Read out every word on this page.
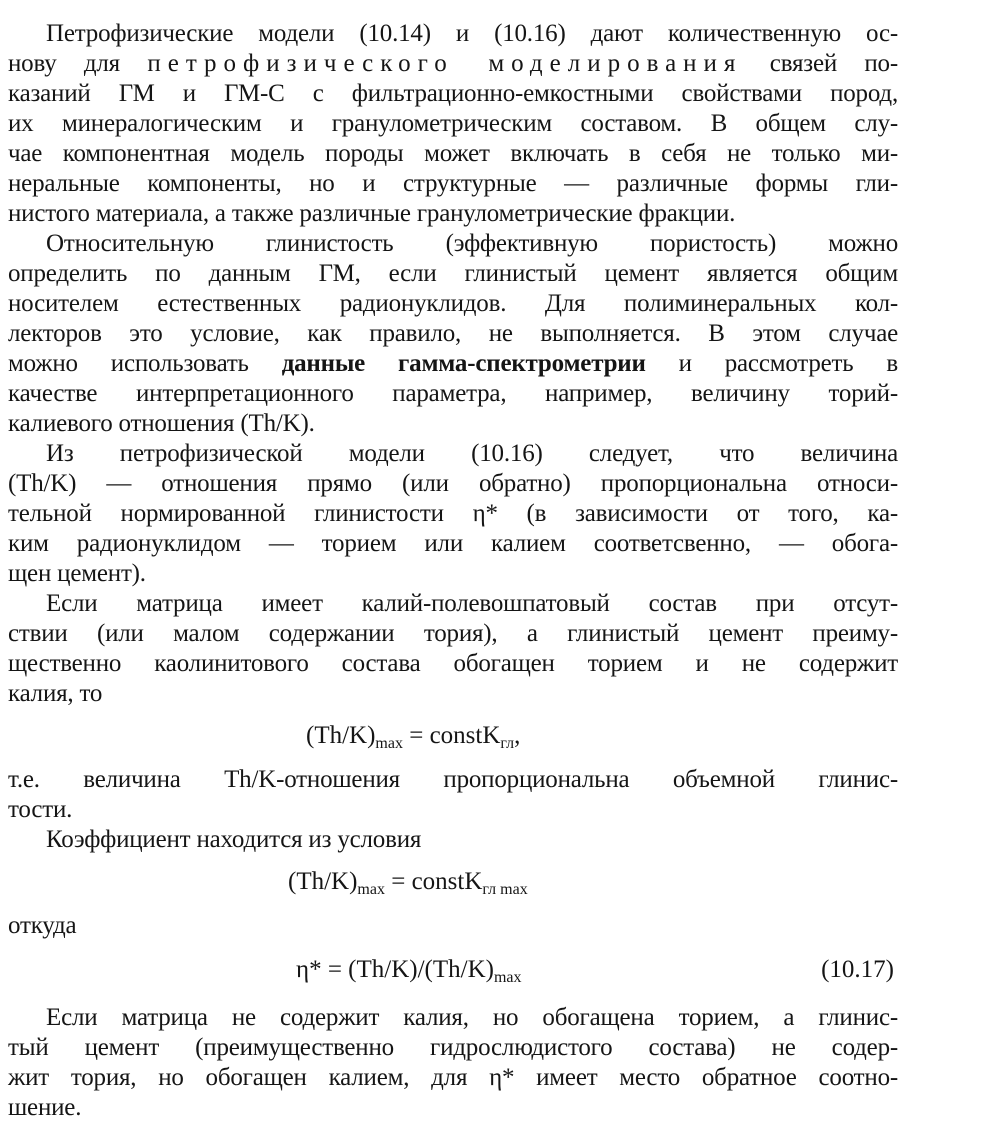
Петрофизические модели (10.14) и (10.16) дают количественную ос-
нову для петрофизического моделирования связей по-
казаний ГМ и ГМ-С с фильтрационно-емкостными свойствами пород,
их минералогическим и гранулометрическим составом. В общем слу-
чае компонентная модель породы может включать в себя не только ми-
неральные компоненты, но и структурные — различные формы гли-
нистого материала, а также различные гранулометрические фракции.
Относительную глинистость (эффективную пористость) можно
определить по данным ГМ, если глинистый цемент является общим
носителем естественных радионуклидов. Для полиминеральных кол-
лекторов это условие, как правило, не выполняется. В этом случае
можно использовать данные гамма-спектрометрии и рассмотреть в
качестве интерпретационного параметра, например, величину торий-
калиевого отношения (Th/K).
Из петрофизической модели (10.16) следует, что величина
(Th/K) — отношения прямо (или обратно) пропорциональна относи-
тельной нормированной глинистости η* (в зависимости от того, ка-
ким радионуклидом — торием или калием соответсвенно, — обога-
щен цемент).
Если матрица имеет калий-полевошпатовый состав при отсут-
ствии (или малом содержании тория), а глинистый цемент преиму-
щественно каолинитового состава обогащен торием и не содержит
калия, то
$(Th/K)_{max}$ = constK$_{гл}$,
т.е. величина Th/K-отношения пропорциональна объемной глинис-
тости.
Коэффициент находится из условия
$(Th/K)_{max}$ = constK$_{гл max}$
откуда
$\eta* = (Th/K)/(Th/K)_{max}$	(10.17)
Если матрица не содержит калия, но обогащена торием, а глинис-
тый цемент (преимущественно гидрослюдистого состава) не содер-
жит тория, но обогащен калием, для η* имеет место обратное соотно-
шение.
